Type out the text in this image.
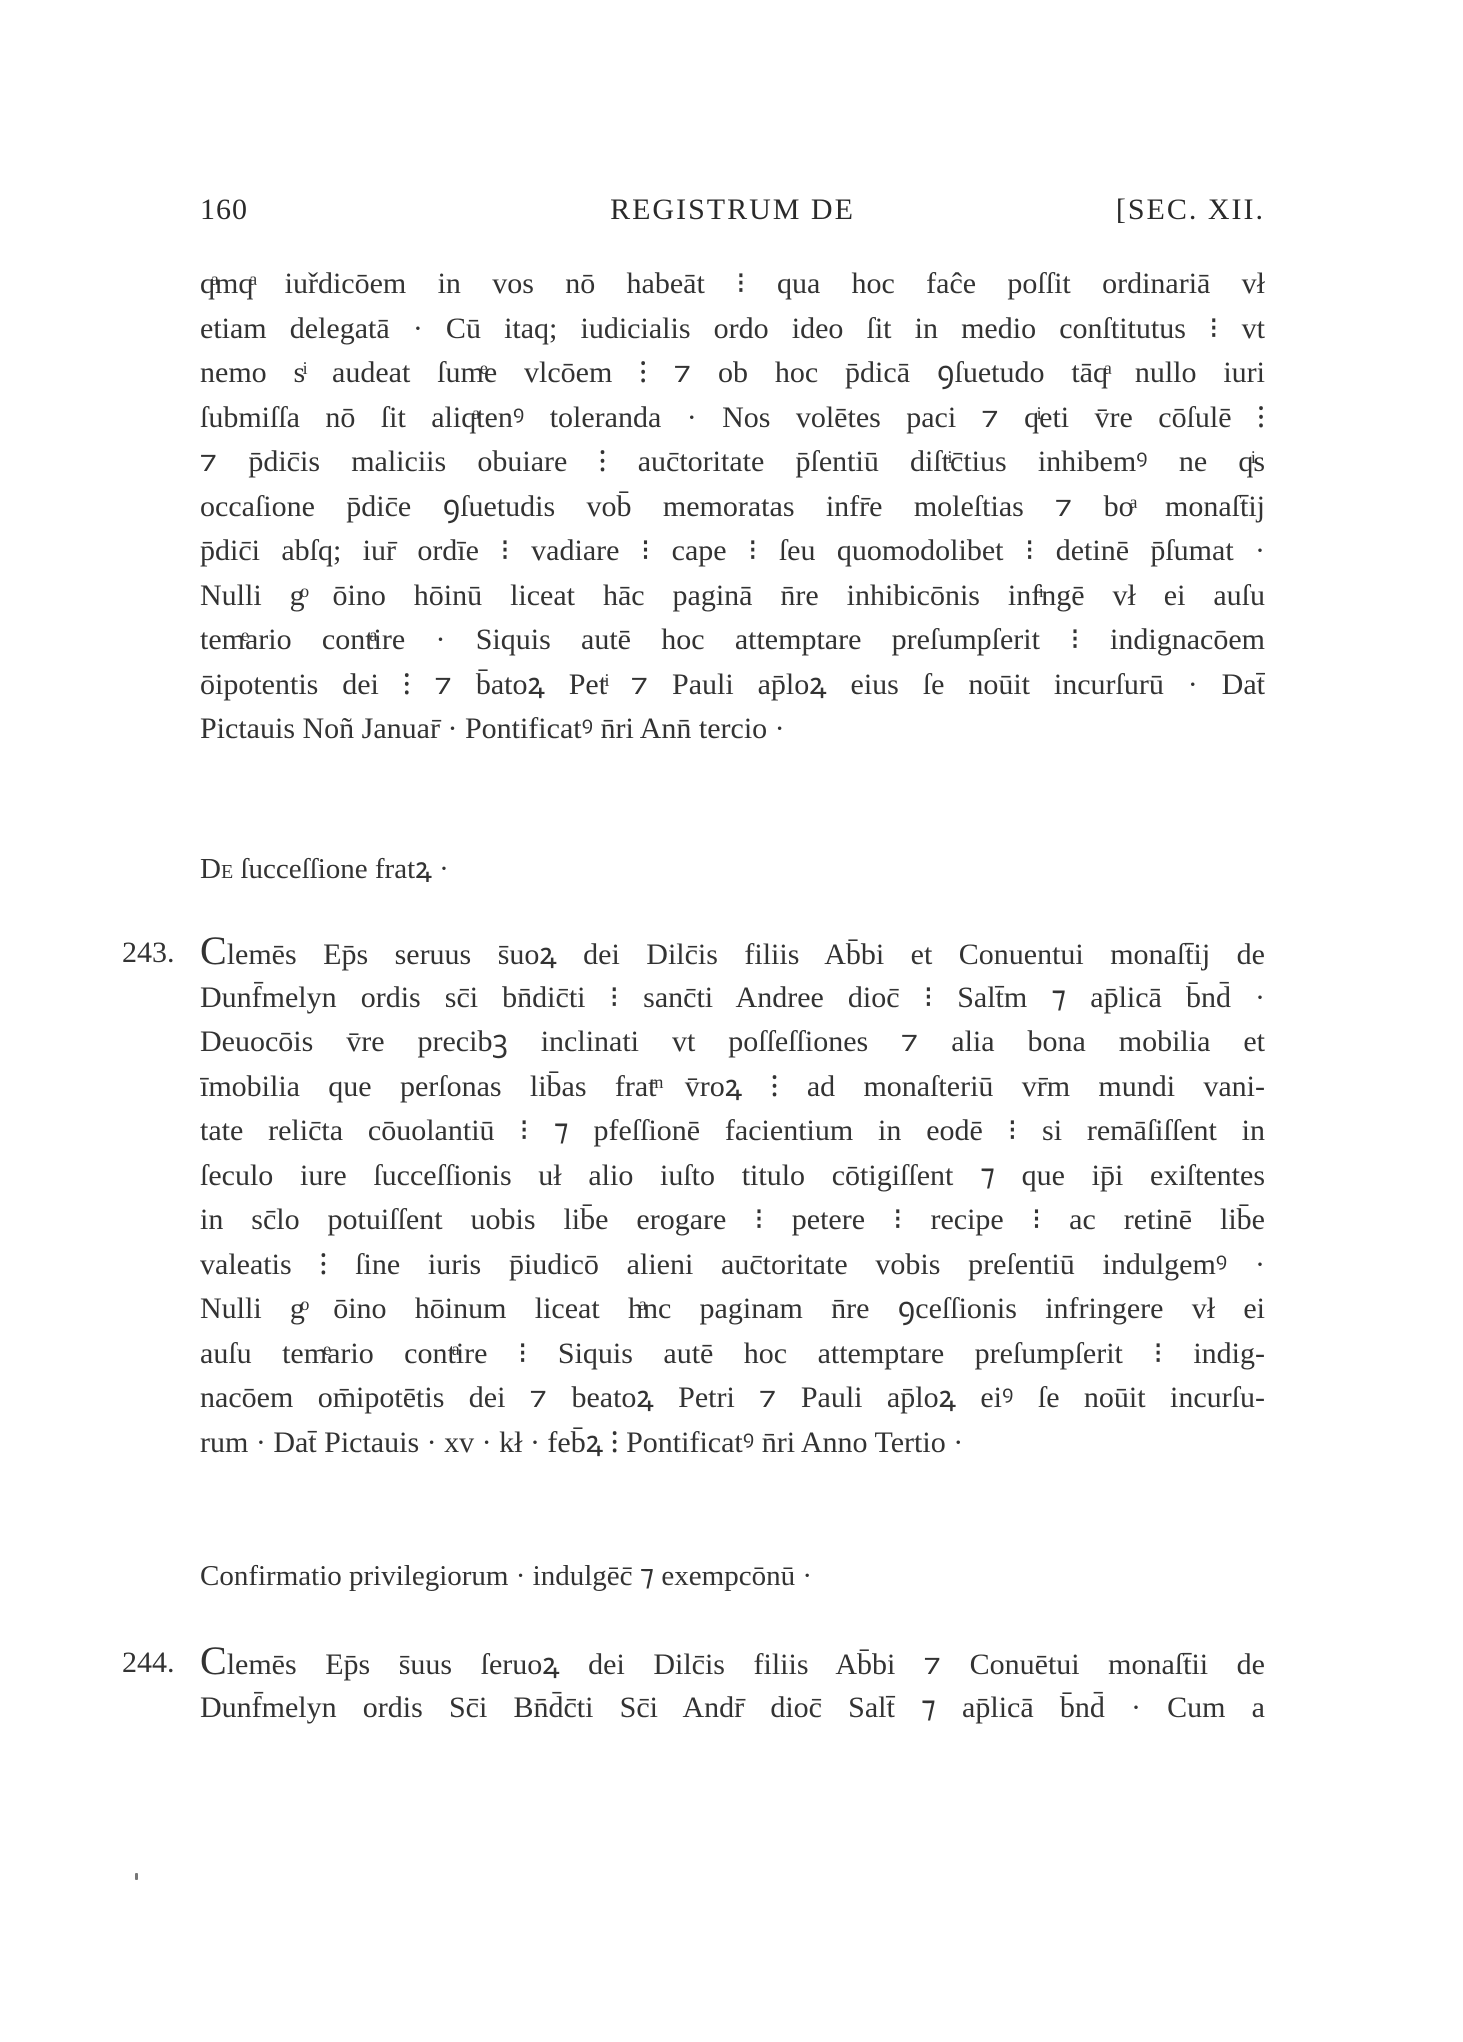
160	REGISTRUM DE	[SEC. XII.
qͣmqͣ iuřdicōem in vos nō habeāt ⁝ qua hoc faĉe poſſit ordinariā vł
etiam delegatā · Cū itaq; iudicialis ordo ideo ſit in medio conſtitutus ⁝ vt
nemo sͥ audeat ſumͤe vlcōem ⁝ ⁊ ob hoc p̄dicā ꝯſuetudo tāqͣ nullo iuri
ſubmiſſa nō ſit aliqͣtenꝰ toleranda · Nos volētes paci ⁊ qͥeti v̄re cōſulē ⁝
⁊ p̄dic̄is maliciis obuiare ⁝ auc̄toritate p̄ſentiū diſtͥc̄tius inhibemꝰ ne qͥs
occaſione p̄dic̄e ꝯſuetudis vob̄ memoratas infr̄e moleſtias ⁊ boͣ monaſt̄ij
p̄dic̄i abſq; iur̄ ordīe ⁝ vadiare ⁝ cape ⁝ ſeu quomodolibet ⁝ detinē p̄ſumat ·
Nulli gͦ ōino hōinū liceat hāc paginā n̄re inhibicōnis infͥngē vł ei auſu
temͤario contͣire · Siquis autē hoc attemptare preſumpſerit ⁝ indignacōem
ōipotentis dei ⁝ ⁊ b̄atoꝝ Petͥ ⁊ Pauli ap̄loꝝ eius ſe noūit incurſurū · Dat̄
Pictauis Noñ Januar̄ · Pontificatꝰ n̄ri Ann̄ tercio ·
De ſucceſſione fratꝝ ·
243. Clemēs Ep̄s seruus s̄uoꝝ dei Dilc̄is filiis Ab̄bi et Conuentui monaſt̄ij de
Dunf̄melyn ordis sc̄i bn̄dic̄ti ⁝ sanc̄ti Andree dioc̄ ⁝ Salt̄m ⁊ ap̄licā b̄nd̄ ·
Deuocōis v̄re precibꝫ inclinati vt poſſeſſiones ⁊ alia bona mobilia et
īmobilia que perſonas lib̄as fratͫ v̄roꝝ ⁝ ad monaſteriū vr̄m mundi vani-
tate relic̄ta cōuolantiū ⁝ ⁊ pfeſſionē facientium in eodē ⁝ si remāſiſſent in
ſeculo iure ſucceſſionis uł alio iuſto titulo cōtigiſſent ⁊ que ip̄i exiſtentes
in sc̄lo potuiſſent uobis lib̄e erogare ⁝ petere ⁝ recipe ⁝ ac retinē lib̄e
valeatis ⁝ ſine iuris p̄iudicō alieni auc̄toritate vobis preſentiū indulgemꝰ ·
Nulli gͦ ōino hōinum liceat hͣnc paginam n̄re ꝯceſſionis infringere vł ei
auſu temͤario contͣire ⁝ Siquis autē hoc attemptare preſumpſerit ⁝ indig-
nacōem om̄ipotētis dei ⁊ beatoꝝ Petri ⁊ Pauli ap̄loꝝ eiꝰ ſe noūit incurſu-
rum · Dat̄ Pictauis · xv · kł · feb̄ꝝ ⁝ Pontificatꝰ n̄ri Anno Tertio ·
Confirmatio privilegiorum · indulgēc̄ ⁊ exempcōnū ·
244. Clemēs Ep̄s s̄uus ſeruoꝝ dei Dilc̄is filiis Ab̄bi ⁊ Conuētui monaſt̄ii de
Dunf̄melyn ordis Sc̄i Bn̄d̄c̄ti Sc̄i Andr̄ dioc̄ Salt̄ ⁊ ap̄licā b̄nd̄ · Cum a
